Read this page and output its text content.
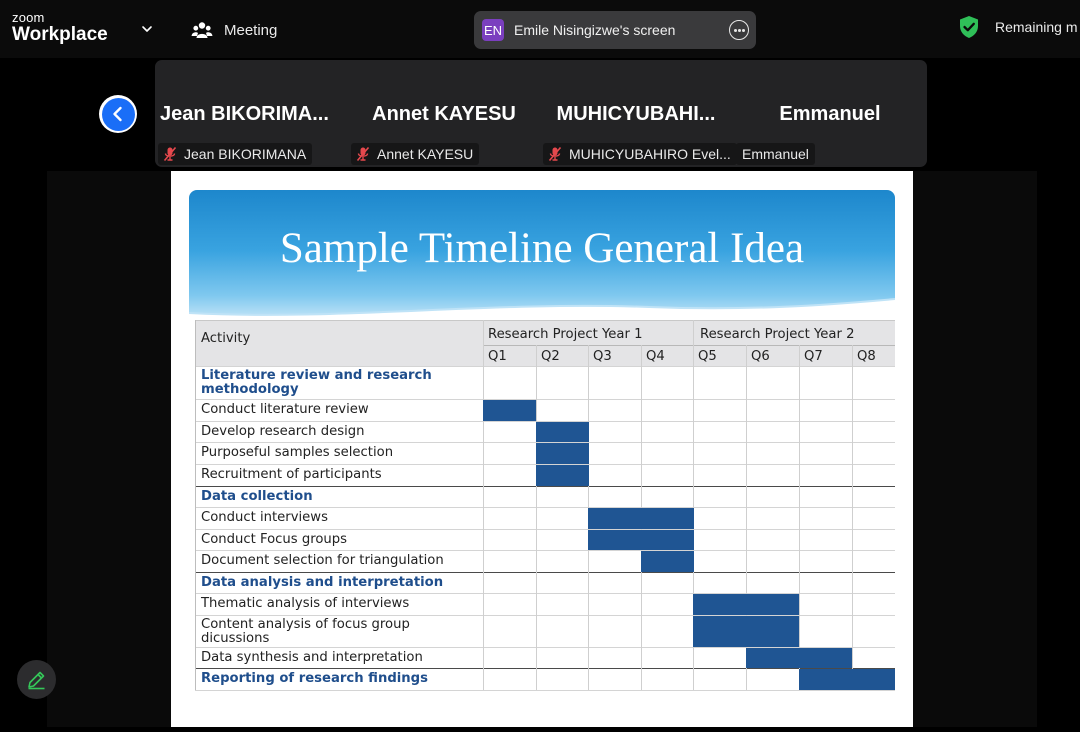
zoom
Workplace	Meeting	EN Emile Nisingizwe's screen	Remaining m
Jean BIKORIMA...
Jean BIKORIMANA
Annet KAYESU
Annet KAYESU
MUHICYUBAHI...
MUHICYUBAHIRO Evel...
Emmanuel
Emmanuel
Sample Timeline General Idea
Activity	Research Project Year 1	Research Project Year 2
Q1	Q2	Q3	Q4	Q5	Q6	Q7	Q8
Literature review and research methodology
Conduct literature review
Develop research design
Purposeful samples selection
Recruitment of participants
Data collection
Conduct interviews
Conduct Focus groups
Document selection for triangulation
Data analysis and interpretation
Thematic analysis of interviews
Content analysis of focus group dicussions
Data synthesis and interpretation
Reporting of research findings
